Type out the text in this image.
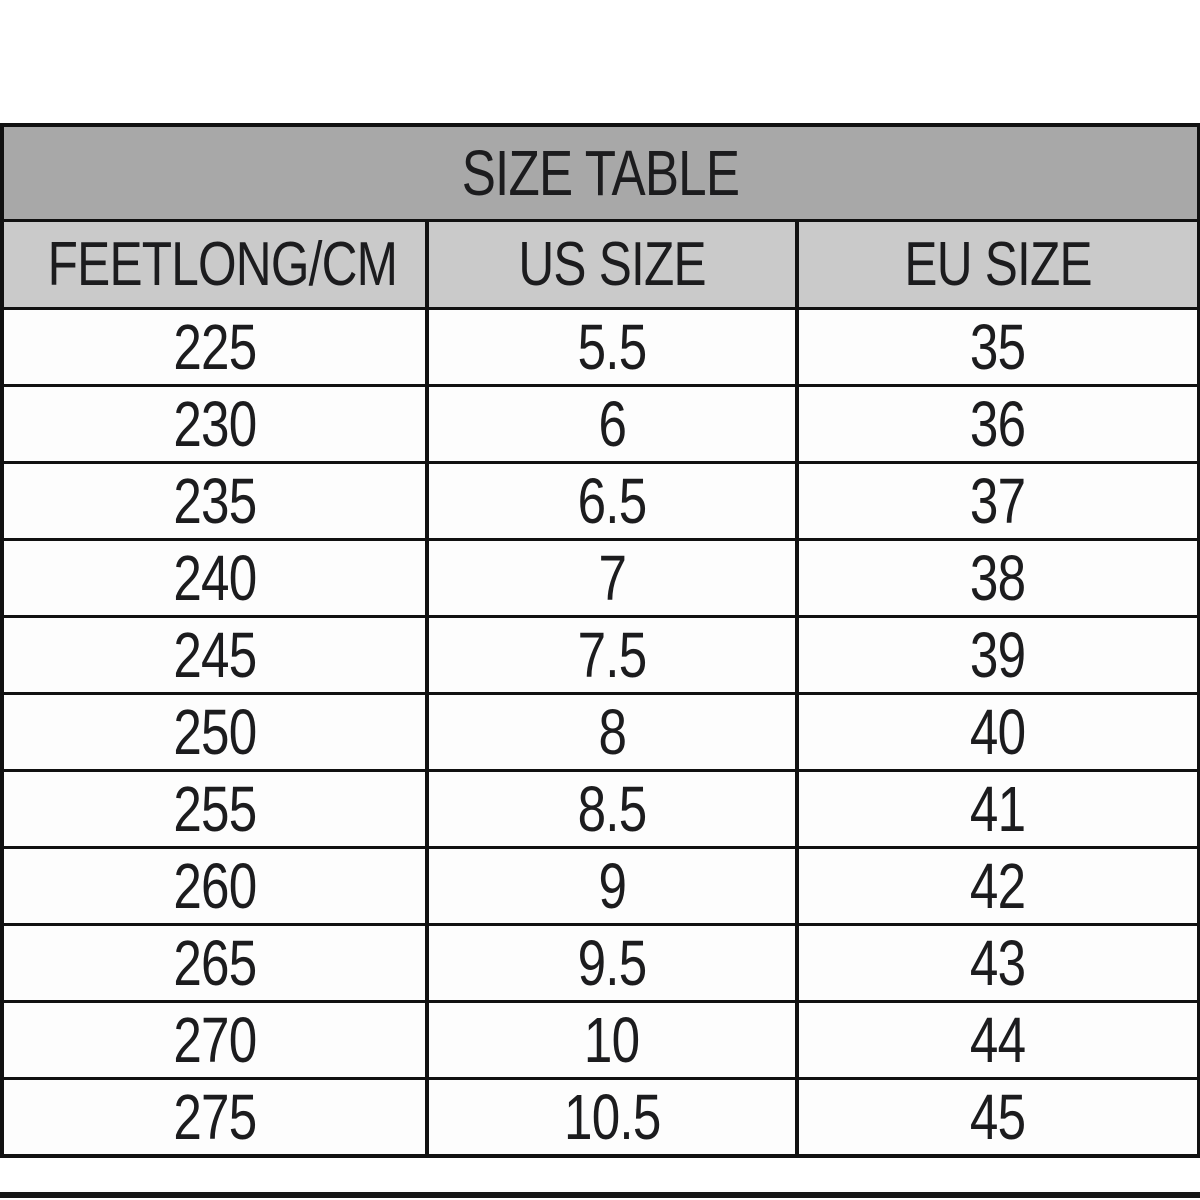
SIZE TABLE		
FEETLONG/CM	US SIZE	EU SIZE

225	5.5	35
230	6	36
235	6.5	37
240	7	38
245	7.5	39
250	8	40
255	8.5	41
260	9	42
265	9.5	43
270	10	44
275	10.5	45
